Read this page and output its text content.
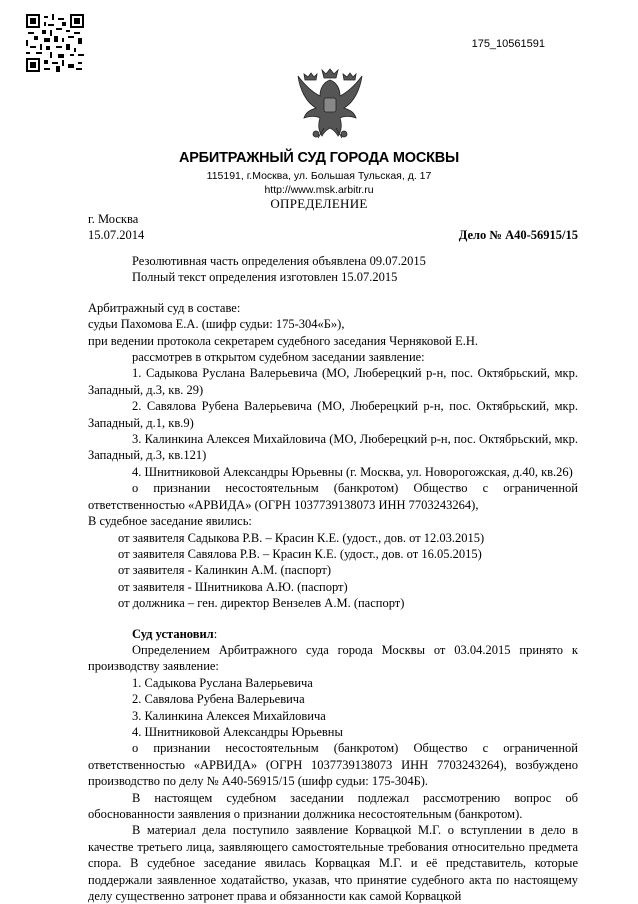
175_10561591
АРБИТРАЖНЫЙ СУД ГОРОДА МОСКВЫ
115191, г.Москва, ул. Большая Тульская, д. 17
http://www.msk.arbitr.ru
ОПРЕДЕЛЕНИЕ
г. Москва
15.07.2014	Дело № А40-56915/15

Резолютивная часть определения объявлена 09.07.2015

Полный текст определения изготовлен 15.07.2015

Арбитражный суд в составе:

судьи Пахомова Е.А. (шифр судьи: 175-304«Б»),

при ведении протокола секретарем судебного заседания Черняковой Е.Н.

рассмотрев в открытом судебном заседании заявление:

1. Садыкова Руслана Валерьевича (МО, Люберецкий р-н, пос. Октябрьский, мкр. Западный, д.3, кв. 29)

2. Савялова Рубена Валерьевича (МО, Люберецкий р-н, пос. Октябрьский, мкр. Западный, д.1, кв.9)

3. Калинкина Алексея Михайловича (МО, Люберецкий р-н, пос. Октябрьский, мкр. Западный, д.3, кв.121)

4. Шнитниковой Александры Юрьевны (г. Москва, ул. Новорогожская, д.40, кв.26)

о признании несостоятельным (банкротом) Общество с ограниченной ответственностью «АРВИДА» (ОГРН 1037739138073 ИНН 7703243264),

В судебное заседание явились:

от заявителя Садыкова Р.В. – Красин К.Е. (удост., дов. от 12.03.2015)

от заявителя Савялова Р.В. – Красин К.Е. (удост., дов. от 16.05.2015)

от заявителя - Калинкин А.М. (паспорт)

от заявителя - Шнитникова А.Ю. (паспорт)

от должника – ген. директор Вензелев А.М. (паспорт)

Суд установил:

Определением Арбитражного суда города Москвы от 03.04.2015 принято к производству заявление:

1. Садыкова Руслана Валерьевича

2. Савялова Рубена Валерьевича

3. Калинкина Алексея Михайловича

4. Шнитниковой Александры Юрьевны

о признании несостоятельным (банкротом) Общество с ограниченной ответственностью «АРВИДА» (ОГРН 1037739138073 ИНН 7703243264), возбуждено производство по делу № А40-56915/15 (шифр судьи: 175-304Б).

В настоящем судебном заседании подлежал рассмотрению вопрос об обоснованности заявления о признании должника несостоятельным (банкротом).

В материал дела поступило заявление Корвацкой М.Г. о вступлении в дело в качестве третьего лица, заявляющего самостоятельные требования относительно предмета спора. В судебное заседание явилась Корвацкая М.Г. и её представитель, которые поддержали заявленное ходатайство, указав, что принятие судебного акта по настоящему делу существенно затронет права и обязанности как самой Корвацкой
